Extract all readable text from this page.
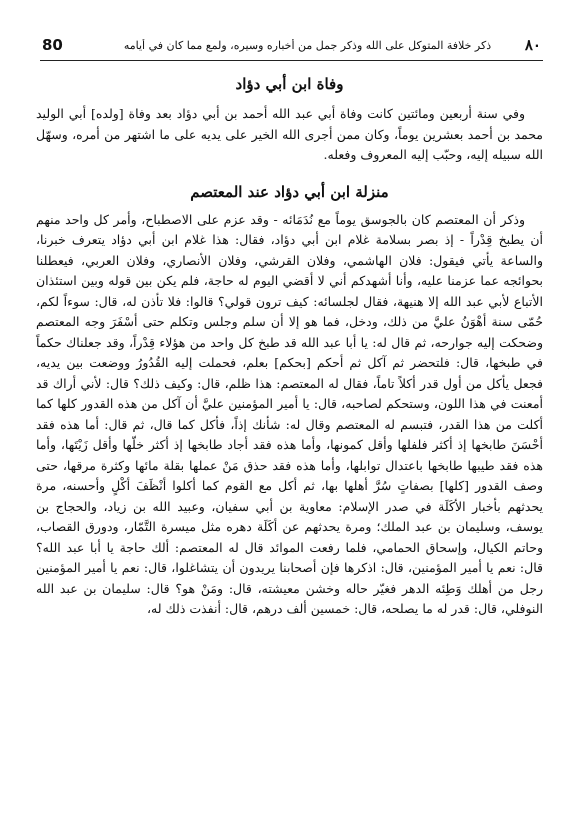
٨٠
ذكر خلافة المتوكل على الله وذكر جمل من أخباره وسيره، ولمع مما كان في أيامه
80
وفاة ابن أبي دؤاد

وفي سنة أربعين ومائتين كانت وفاة أبي عبد الله أحمد بن أبي دؤاد بعد وفاة [ولده] أبي الوليد محمد بن أحمد بعشرين يوماً، وكان ممن أجرى الله الخير على يديه على ما اشتهر من أمره، وسهّل الله سبيله إليه، وحبّب إليه المعروف وفعله.

منزلة ابن أبي دؤاد عند المعتصم

وذكر أن المعتصم كان بالجوسق يوماً مع نُدَمَائه - وقد عزم على الاصطباح، وأمر كل واحد منهم أن يطبخ قِدْراً - إذ بصر بسلامة غلام ابن أبي دؤاد، فقال: هذا غلام ابن أبي دؤاد يتعرف خبرنا، والساعة يأتي فيقول: فلان الهاشمي، وفلان القرشي، وفلان الأنصاري، وفلان العربي، فيعطلنا بحوائجه عما عزمنا عليه، وأنا أشهدكم أني لا أقضي اليوم له حاجة، فلم يكن بين قوله وبين استئذان الأتباع لأبي عبد الله إلا هنيهة، فقال لجلسائه: كيف ترون قولي؟ قالوا: فلا تأذن له، قال: سوءاً لكم، حُمّى سنة أهْوَنُ عليَّ من ذلك، ودخل، فما هو إلا أن سلم وجلس وتكلم حتى أسْفَرَ وجه المعتصم وضحكت إليه جوارحه، ثم قال له: يا أبا عبد الله قد طبخ كل واحد من هؤلاء قِدْراً، وقد جعلناك حكماً في طبخها، قال: فلتحضر ثم آكل ثم أحكم [بحكم] بعلم، فحملت إليه القُدُورُ ووضعت بين يديه، فجعل يأكل من أول قدر أكلاً تاماً، فقال له المعتصم: هذا ظلم، قال: وكيف ذلك؟ قال: لأني أراك قد أمعنت في هذا اللون، وستحكم لصاحبه، قال: يا أمير المؤمنين عليَّ أن آكل من هذه القدور كلها كما أكلت من هذا القدر، فتبسم له المعتصم وقال له: شأنك إذاً، فأكل كما قال، ثم قال: أما هذه فقد أحْسَنَ طابخها إذ أكثر فلفلها وأقل كمونها، وأما هذه فقد أجاد طابخها إذ أكثر خلّها وأقل زَيْتَها، وأما هذه فقد طيبها طابخها باعتدال توابلها، وأما هذه فقد حذق مَنْ عملها بقلة مائها وكثرة مرقها، حتى وصف القدور [كلها] بصفاتٍ سُرَّ أهلها بها، ثم أكل مع القوم كما أكلوا أنْظَفَ أكْلٍ وأحسنه، مرة يحدثهم بأخبار الأكَلَة في صدر الإسلام: معاوية بن أبي سفيان، وعبيد الله بن زياد، والحجاج بن يوسف، وسليمان بن عبد الملك؛ ومرة يحدثهم عن أكَلَة دهره مثل ميسرة التَّمّار، ودورق القصاب، وحاتم الكيال، وإسحاق الحمامي، فلما رفعت الموائد قال له المعتصم: ألك حاجة يا أبا عبد الله؟ قال: نعم يا أمير المؤمنين، قال: اذكرها فإن أصحابنا يريدون أن يتشاغلوا، قال: نعم يا أمير المؤمنين رجل من أهلك وَطِئه الدهر فغيّر حاله وخشن معيشته، قال: ومَنْ هو؟ قال: سليمان بن عبد الله النوفلي، قال: قدر له ما يصلحه، قال: خمسين ألف درهم، قال: أنفذت ذلك له،
